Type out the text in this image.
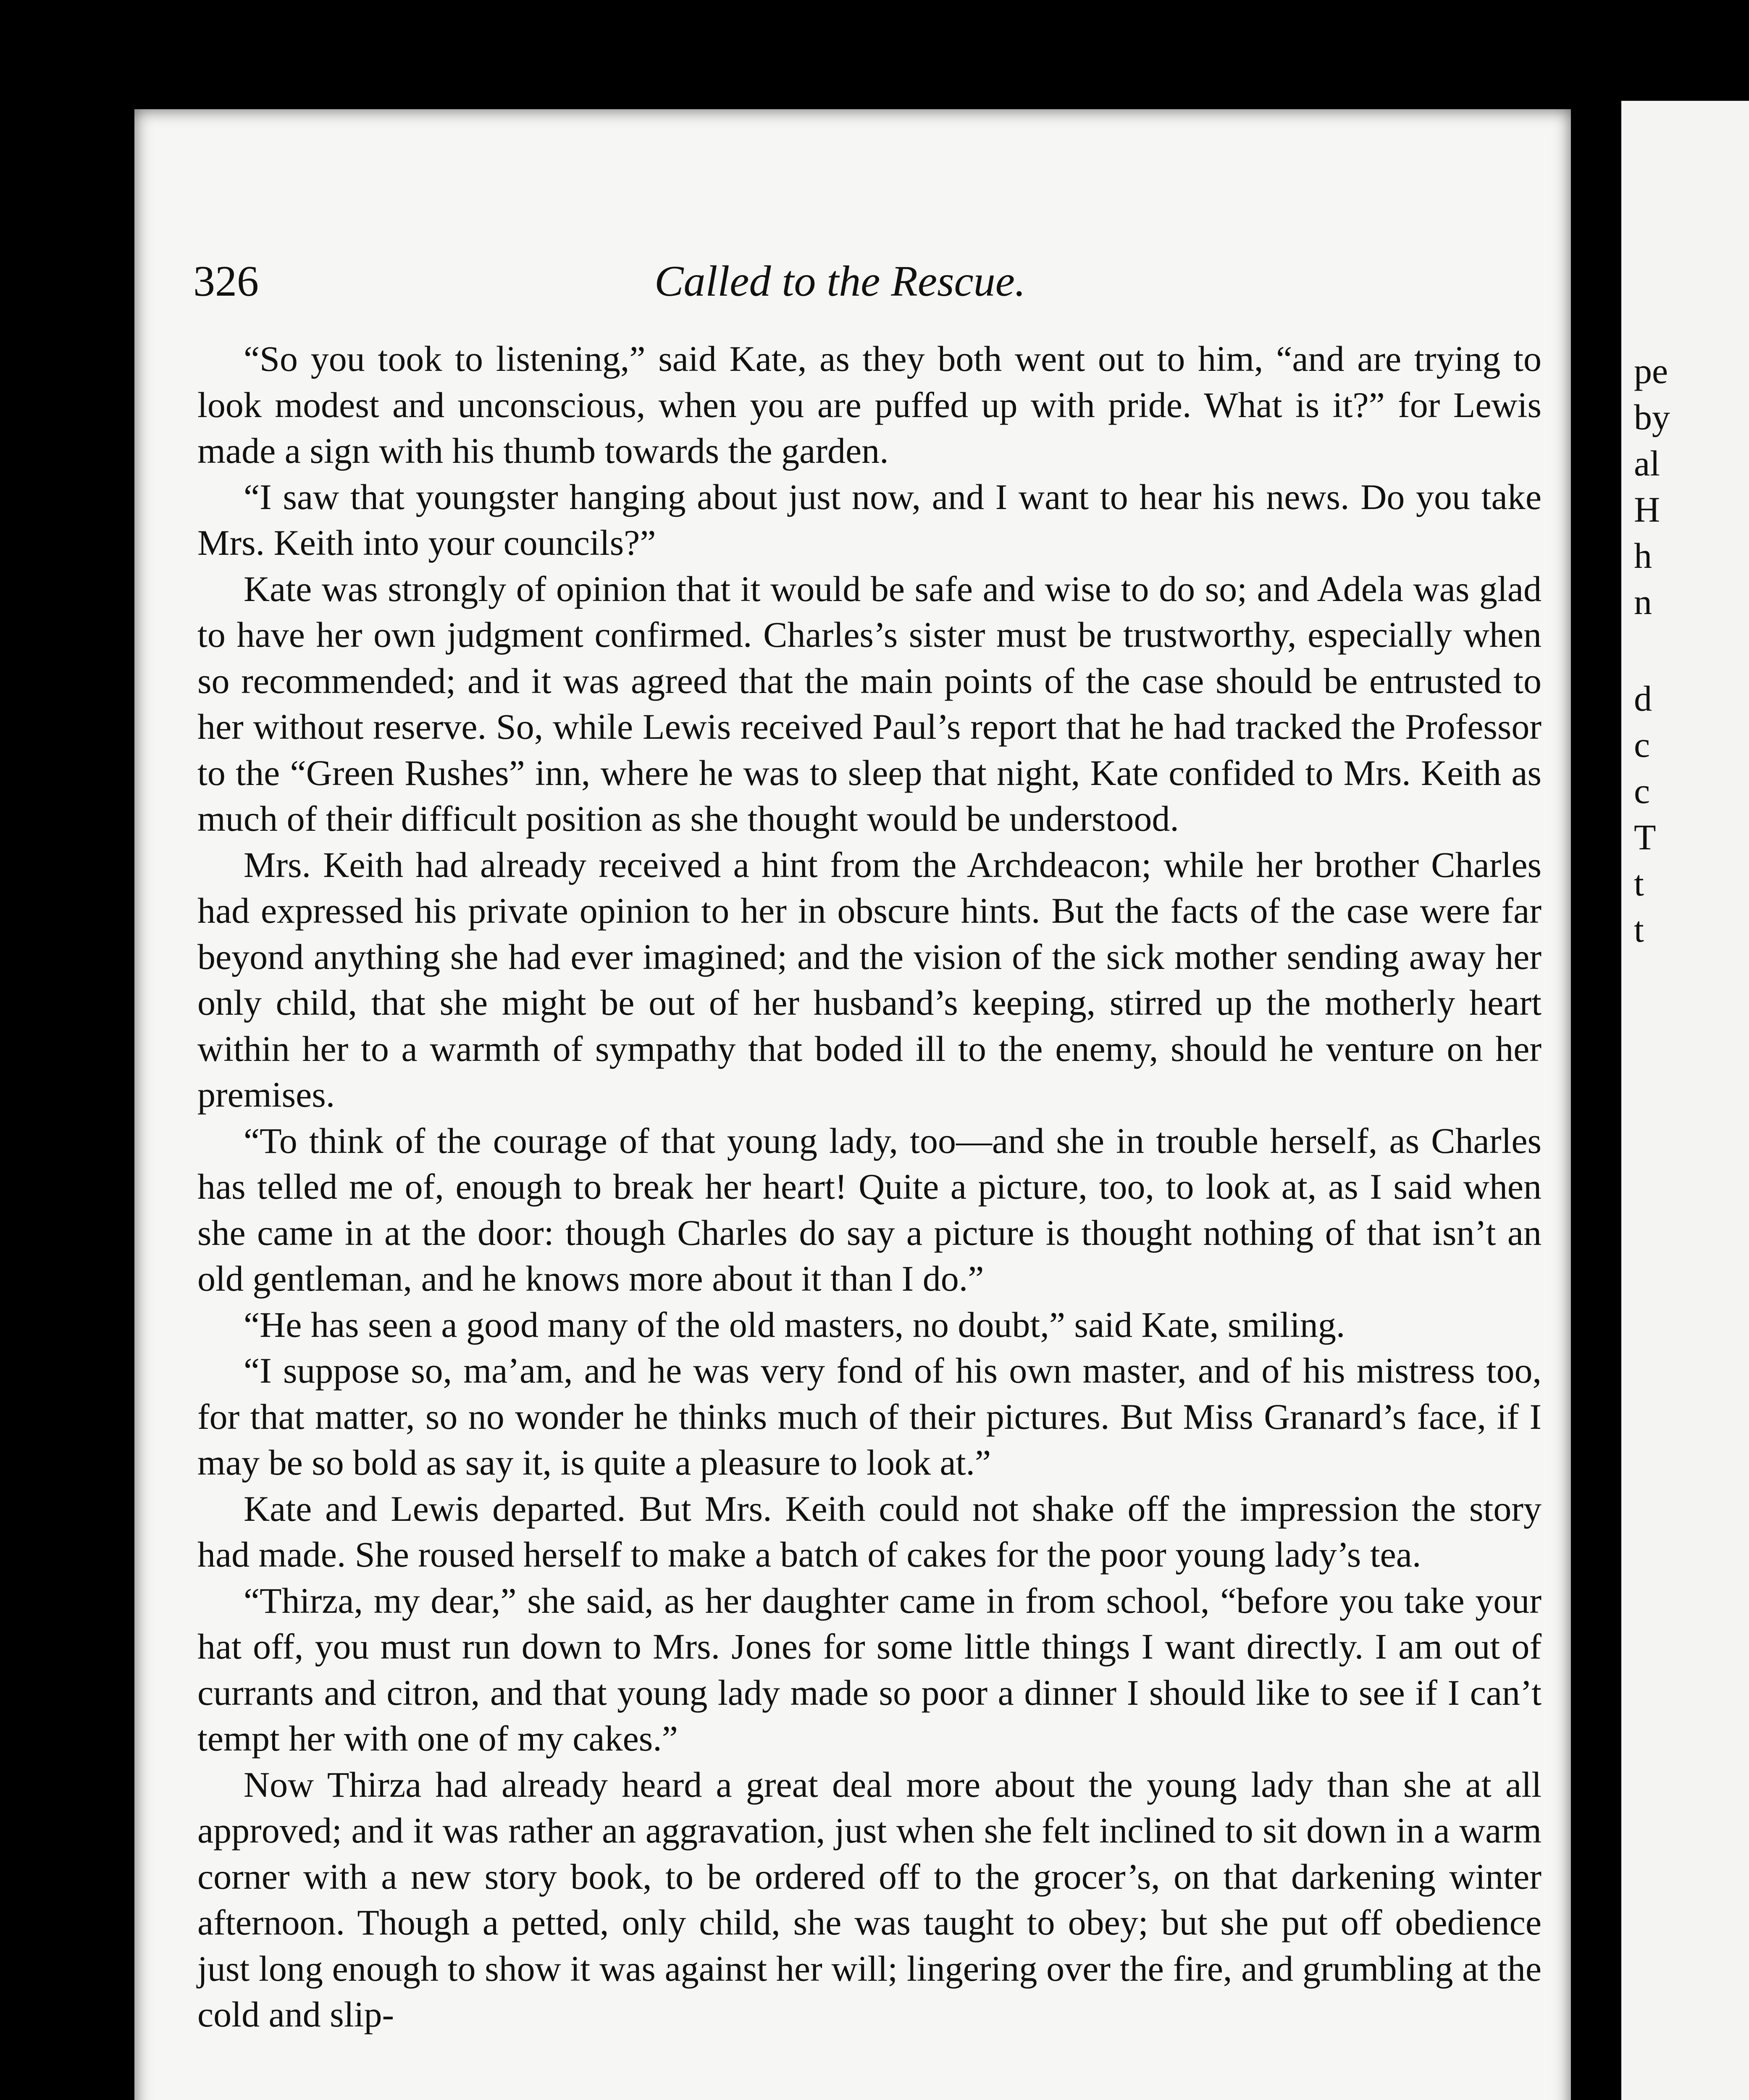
pe
by
al
H
h
n
d
c
c
T
t
t
326	Called to the Rescue.

“So you took to listening,” said Kate, as they both went out to him, “and are trying to look modest and unconscious, when you are puffed up with pride. What is it?” for Lewis made a sign with his thumb towards the garden.

“I saw that youngster hanging about just now, and I want to hear his news. Do you take Mrs. Keith into your councils?”

Kate was strongly of opinion that it would be safe and wise to do so; and Adela was glad to have her own judgment confirmed. Charles’s sister must be trustworthy, especially when so recommended; and it was agreed that the main points of the case should be entrusted to her without reserve. So, while Lewis received Paul’s report that he had tracked the Professor to the “Green Rushes” inn, where he was to sleep that night, Kate confided to Mrs. Keith as much of their difficult position as she thought would be understood.

Mrs. Keith had already received a hint from the Archdeacon; while her brother Charles had expressed his private opinion to her in obscure hints. But the facts of the case were far beyond anything she had ever imagined; and the vision of the sick mother sending away her only child, that she might be out of her husband’s keeping, stirred up the motherly heart within her to a warmth of sympathy that boded ill to the enemy, should he venture on her premises.

“To think of the courage of that young lady, too—and she in trouble herself, as Charles has telled me of, enough to break her heart! Quite a picture, too, to look at, as I said when she came in at the door: though Charles do say a picture is thought nothing of that isn’t an old gentleman, and he knows more about it than I do.”

“He has seen a good many of the old masters, no doubt,” said Kate, smiling.

“I suppose so, ma’am, and he was very fond of his own master, and of his mistress too, for that matter, so no wonder he thinks much of their pictures. But Miss Granard’s face, if I may be so bold as say it, is quite a pleasure to look at.”

Kate and Lewis departed. But Mrs. Keith could not shake off the impression the story had made. She roused herself to make a batch of cakes for the poor young lady’s tea.

“Thirza, my dear,” she said, as her daughter came in from school, “before you take your hat off, you must run down to Mrs. Jones for some little things I want directly. I am out of currants and citron, and that young lady made so poor a dinner I should like to see if I can’t tempt her with one of my cakes.”

Now Thirza had already heard a great deal more about the young lady than she at all approved; and it was rather an aggravation, just when she felt inclined to sit down in a warm corner with a new story book, to be ordered off to the grocer’s, on that darkening winter afternoon. Though a petted, only child, she was taught to obey; but she put off obedience just long enough to show it was against her will; lingering over the fire, and grumbling at the cold and slip-
